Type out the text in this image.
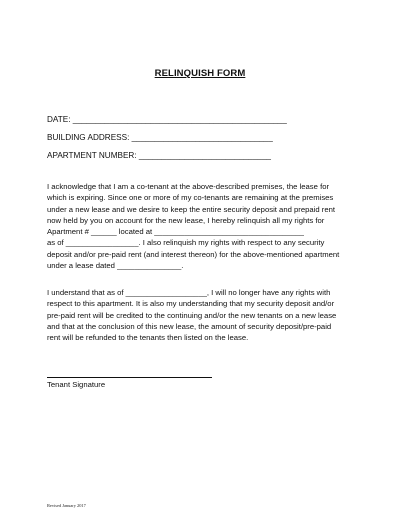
RELINQUISH FORM
DATE: _______________________________________________
BUILDING ADDRESS: _______________________________
APARTMENT NUMBER: _____________________________
I acknowledge that I am a co-tenant at the above-described premises, the lease for
which is expiring. Since one or more of my co-tenants are remaining at the premises
under a new lease and we desire to keep the entire security deposit and prepaid rent
now held by you on account for the new lease, I hereby relinquish all my rights for
Apartment # ______ located at ___________________________________
as of _________________. I also relinquish my rights with respect to any security
deposit and/or pre-paid rent (and interest thereon) for the above-mentioned apartment
under a lease dated _______________.
I understand that as of ___________________, I will no longer have any rights with
respect to this apartment. It is also my understanding that my security deposit and/or
pre-paid rent will be credited to the continuing and/or the new tenants on a new lease
and that at the conclusion of this new lease, the amount of security deposit/pre-paid
rent will be refunded to the tenants then listed on the lease.
Tenant Signature
Revised January 2017
